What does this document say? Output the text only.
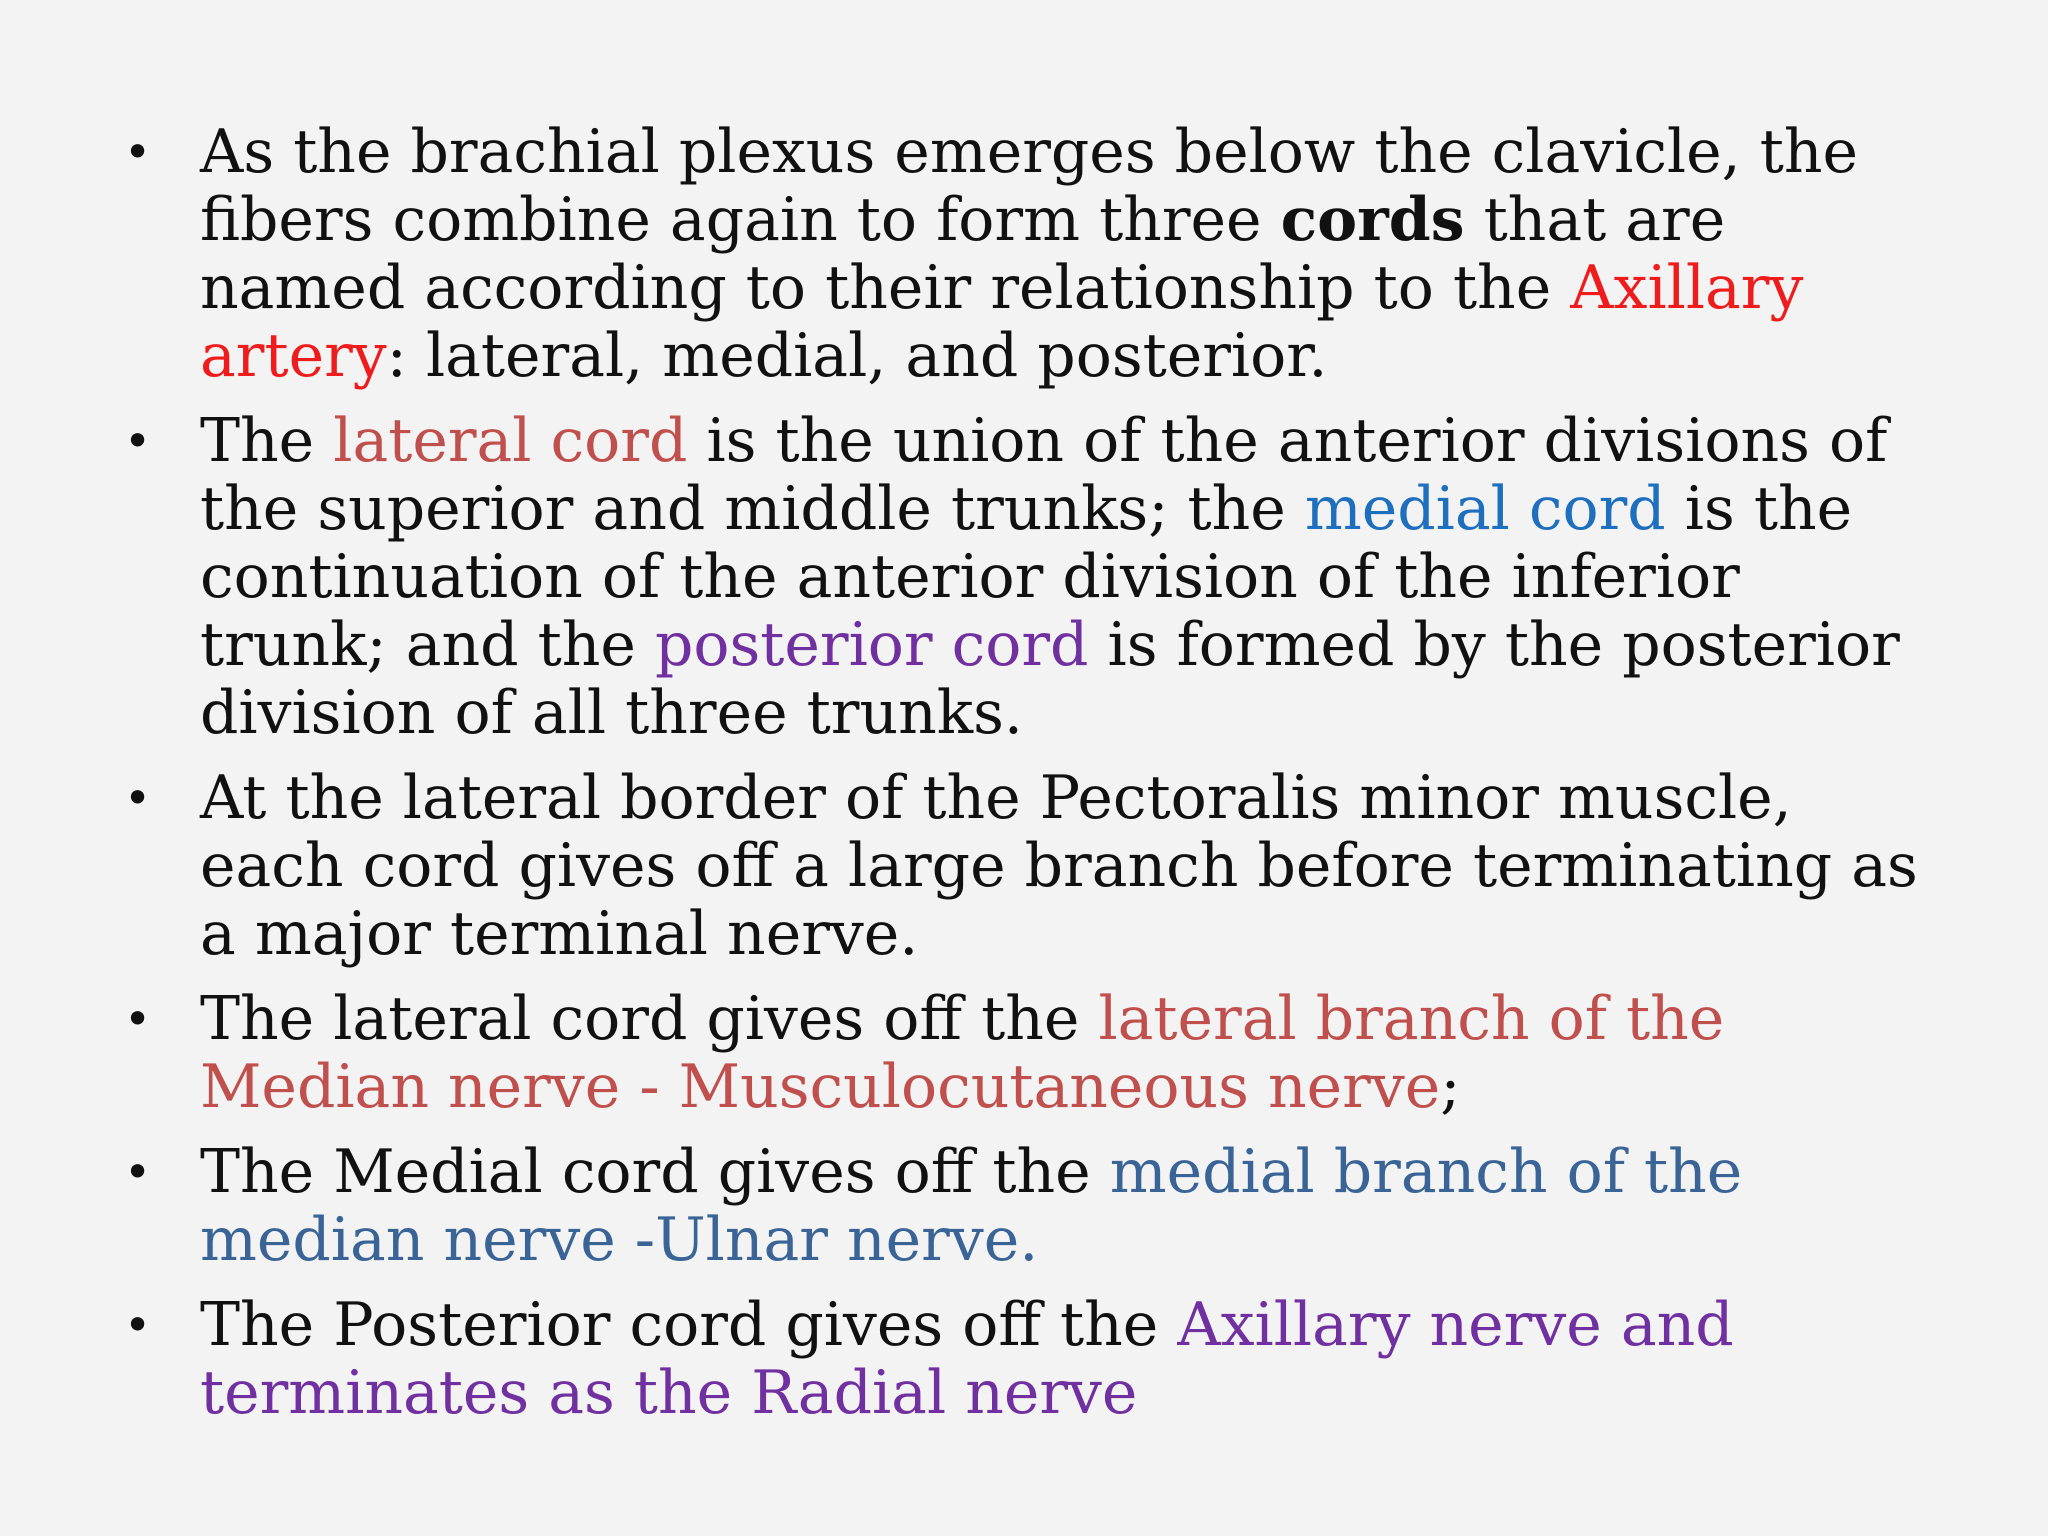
• As the brachial plexus emerges below the clavicle, the fibers combine again to form three cords that are named according to their relationship to the Axillary artery: lateral, medial, and posterior.
• The lateral cord is the union of the anterior divisions of the superior and middle trunks; the medial cord is the continuation of the anterior division of the inferior trunk; and the posterior cord is formed by the posterior division of all three trunks.
• At the lateral border of the Pectoralis minor muscle, each cord gives off a large branch before terminating as a major terminal nerve.
• The lateral cord gives off the lateral branch of the Median nerve - Musculocutaneous nerve;
• The Medial cord gives off the medial branch of the median nerve -Ulnar nerve.
• The Posterior cord gives off the Axillary nerve and terminates as the Radial nerve
